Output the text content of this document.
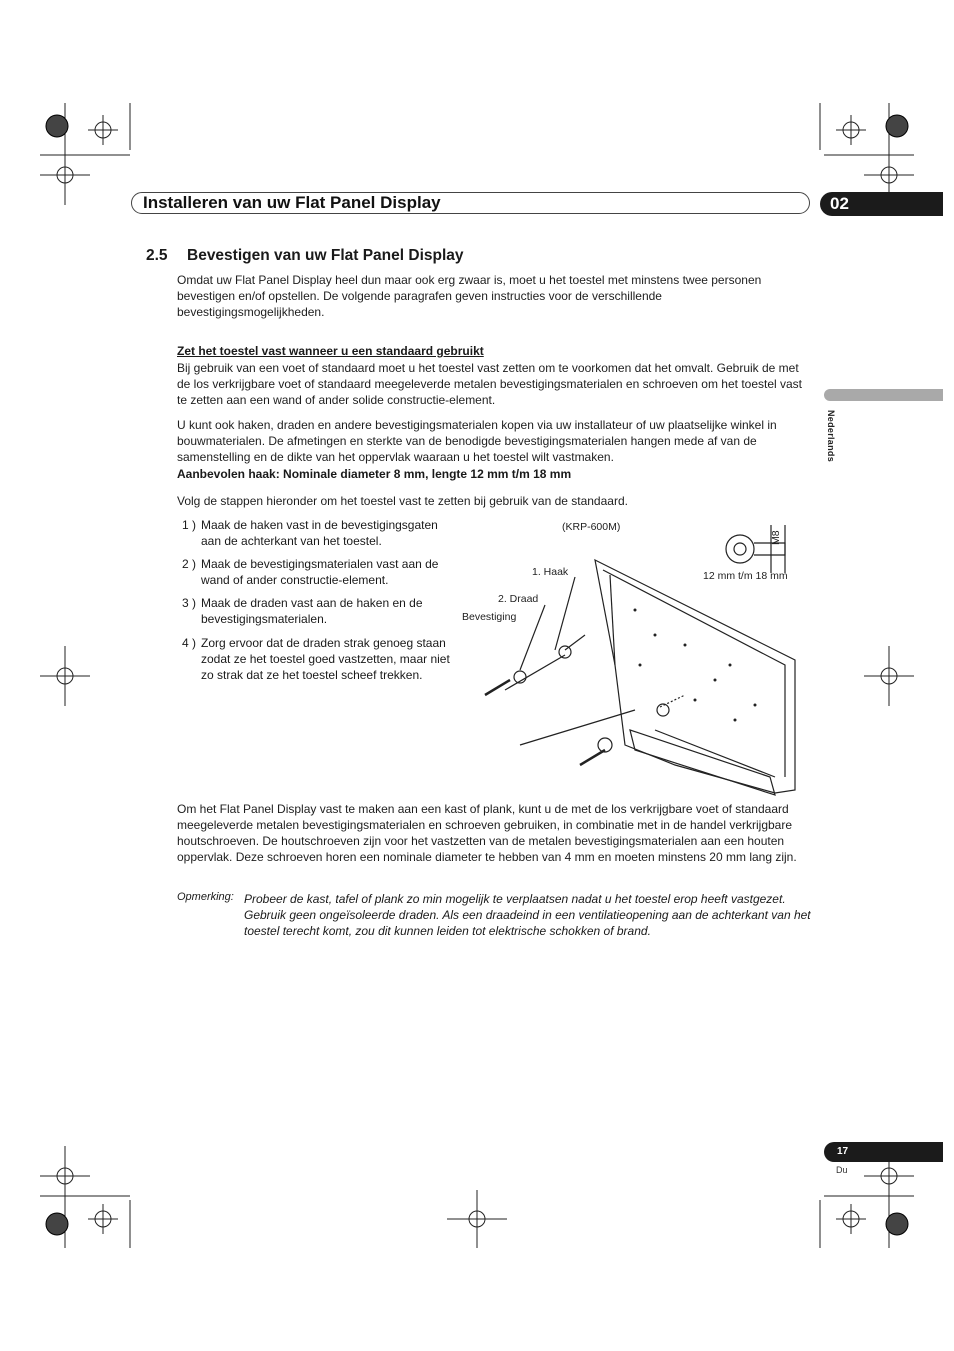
Installeren van uw Flat Panel Display	02
Nederlands
2.5 Bevestigen van uw Flat Panel Display
Omdat uw Flat Panel Display heel dun maar ook erg zwaar is, moet u het toestel met minstens twee personen bevestigen en/of opstellen. De volgende paragrafen geven instructies voor de verschillende bevestigingsmogelijkheden.
Zet het toestel vast wanneer u een standaard gebruikt
Bij gebruik van een voet of standaard moet u het toestel vast zetten om te voorkomen dat het omvalt. Gebruik de met de los verkrijgbare voet of standaard meegeleverde metalen bevestigingsmaterialen en schroeven om het toestel vast te zetten aan een wand of ander solide constructie-element.
U kunt ook haken, draden en andere bevestigingsmaterialen kopen via uw installateur of uw plaatselijke winkel in bouwmaterialen. De afmetingen en sterkte van de benodigde bevestigingsmaterialen hangen mede af van de samenstelling en de dikte van het oppervlak waaraan u het toestel wilt vastmaken.
Aanbevolen haak: Nominale diameter 8 mm, lengte 12 mm t/m 18 mm
Volg de stappen hieronder om het toestel vast te zetten bij gebruik van de standaard.
1 ) Maak de haken vast in de bevestigingsgaten aan de achterkant van het toestel.
2 ) Maak de bevestigingsmaterialen vast aan de wand of ander constructie-element.
3 ) Maak de draden vast aan de haken en de bevestigingsmaterialen.
4 ) Zorg ervoor dat de draden strak genoeg staan zodat ze het toestel goed vastzetten, maar niet zo strak dat ze het toestel scheef trekken.
(KRP-600M)
1. Haak
2. Draad
Bevestiging
M8
12 mm t/m 18 mm
Om het Flat Panel Display vast te maken aan een kast of plank, kunt u de met de los verkrijgbare voet of standaard meegeleverde metalen bevestigingsmaterialen en schroeven gebruiken, in combinatie met in de handel verkrijgbare houtschroeven. De houtschroeven zijn voor het vastzetten van de metalen bevestigingsmaterialen aan een houten oppervlak. Deze schroeven horen een nominale diameter te hebben van 4 mm en moeten minstens 20 mm lang zijn.
Opmerking: Probeer de kast, tafel of plank zo min mogelijk te verplaatsen nadat u het toestel erop heeft vastgezet. Gebruik geen ongeïsoleerde draden. Als een draadeind in een ventilatieopening aan de achterkant van het toestel terecht komt, zou dit kunnen leiden tot elektrische schokken of brand.
17
Du
